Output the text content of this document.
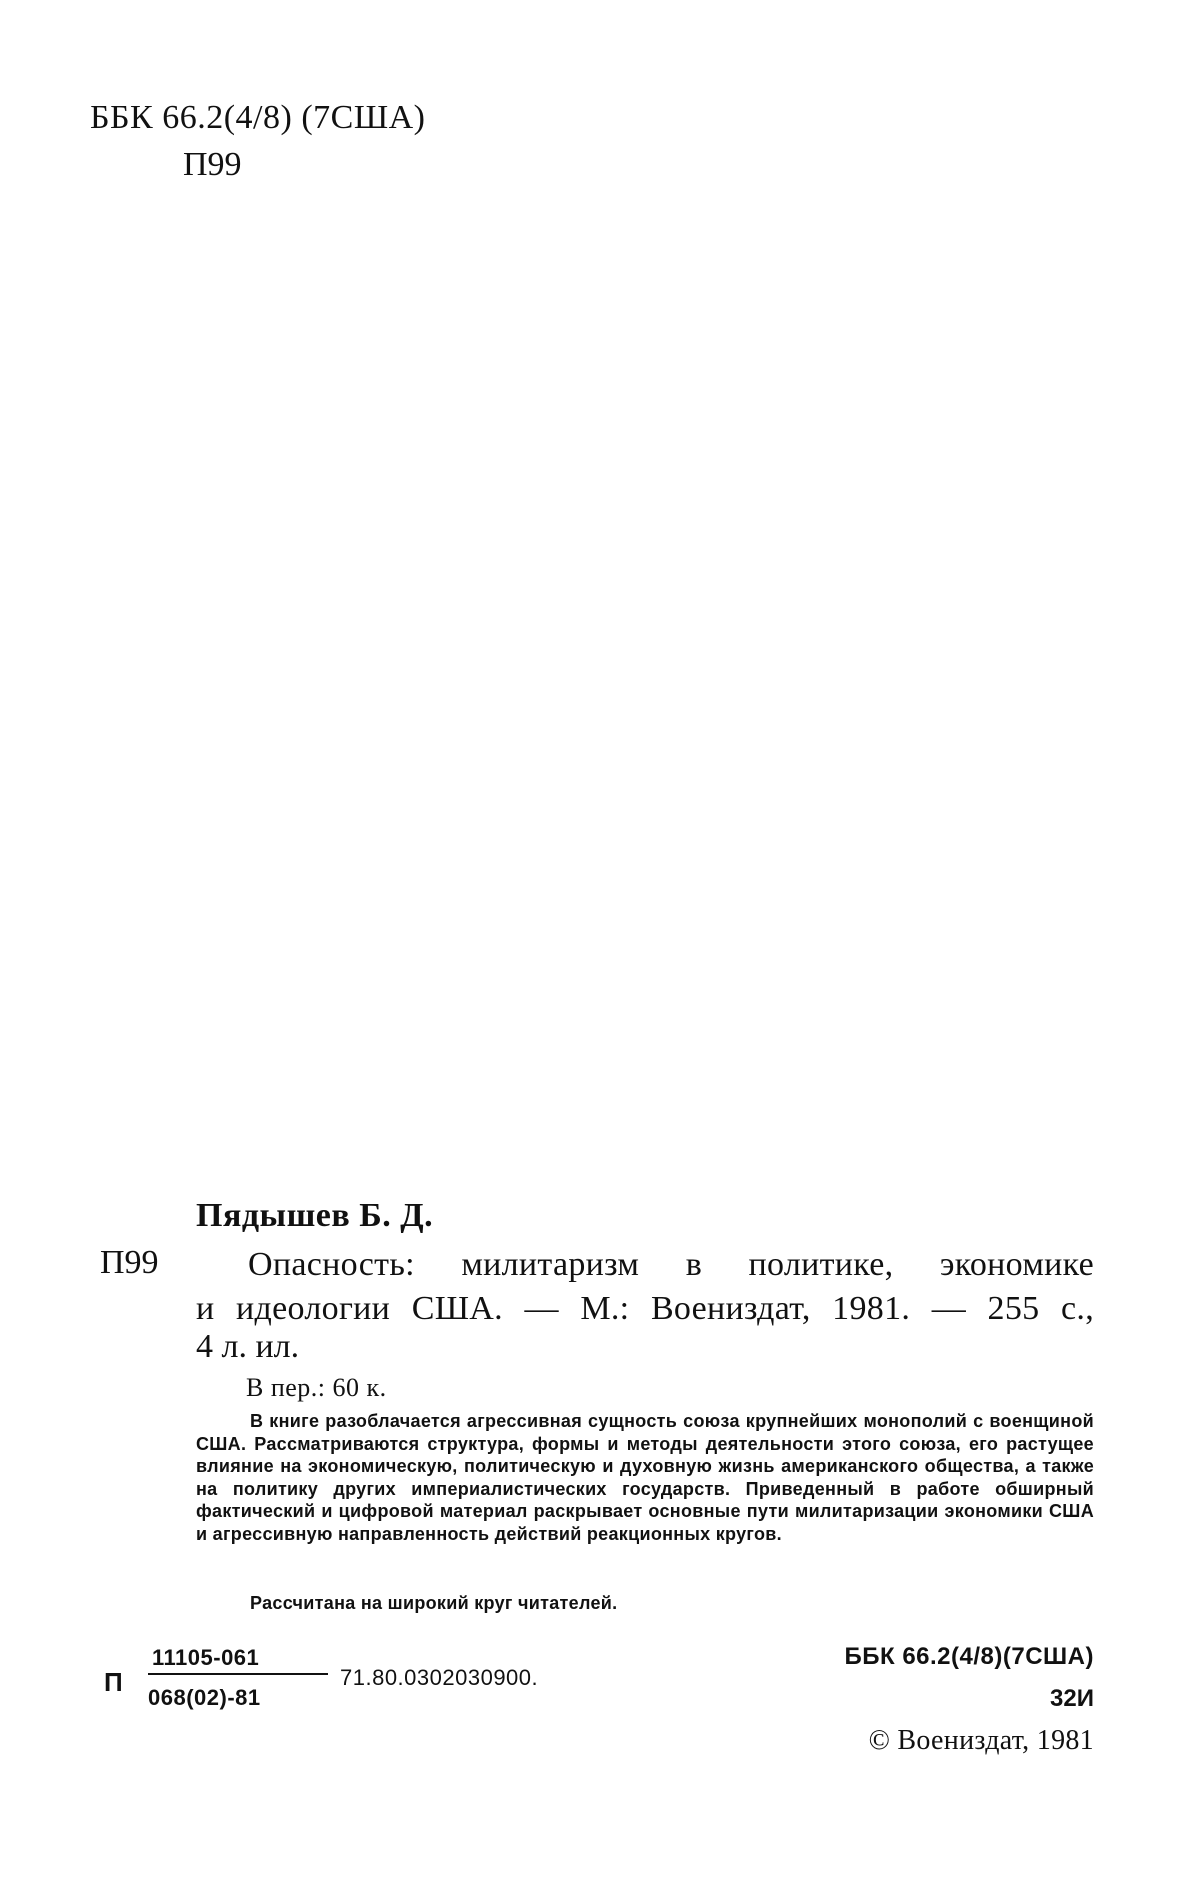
ББК 66.2(4/8) (7США)
П99
Пядышев Б. Д.
П99	Опасность: милитаризм в политике, экономике
и идеологии США. — М.: Воениздат, 1981. — 255 с.,
4 л. ил.
В пер.: 60 к.

В книге разоблачается агрессивная сущность союза крупнейших монополий с военщиной США. Рассматриваются структура, формы и методы деятельности этого союза, его растущее влияние на экономическую, политическую и духовную жизнь американского общества, а также на политику других империалистических государств. Приведенный в работе обширный фактический и цифровой материал раскрывает основные пути милитаризации экономики США и агрессивную направленность действий реакционных кругов.

Рассчитана на широкий круг читателей.
П
11105-061
068(02)-81
71.80.0302030900.
ББК 66.2(4/8)(7США)
32И
© Воениздат, 1981
